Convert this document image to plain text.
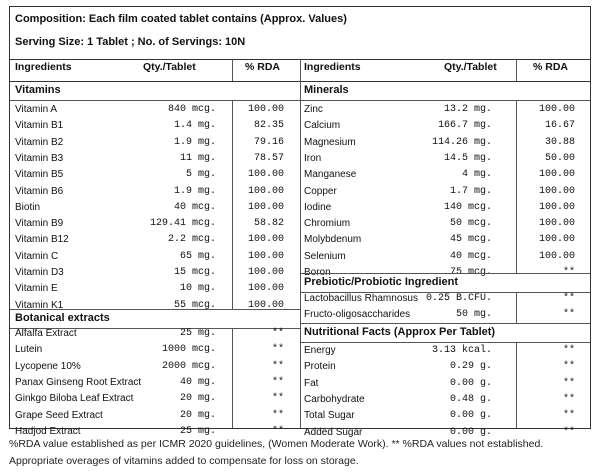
Composition: Each film coated tablet contains (Approx. Values)
Serving Size: 1 Tablet ; No. of Servings: 10N
Ingredients	Qty./Tablet	% RDA Ingredients	Qty./Tablet	% RDA
Vitamins
Vitamin A	840 mcg.	100.00
Vitamin B1	1.4 mg.	82.35
Vitamin B2	1.9 mg.	79.16
Vitamin B3	11 mg.	78.57
Vitamin B5	5 mg.	100.00
Vitamin B6	1.9 mg.	100.00
Biotin	40 mcg.	100.00
Vitamin B9	129.41 mcg.	58.82
Vitamin B12	2.2 mcg.	100.00
Vitamin C	65 mg.	100.00
Vitamin D3	15 mcg.	100.00
Vitamin E	10 mg.	100.00
Vitamin K1	55 mcg.	100.00
Botanical extracts
Alfalfa Extract	25 mg.	**
Lutein	1000 mcg.	**
Lycopene 10%	2000 mcg.	**
Panax Ginseng Root Extract	40 mg.	**
Ginkgo Biloba Leaf Extract	20 mg.	**
Grape Seed Extract	20 mg.	**
Hadjod Extract	25 mg.	**
Minerals
Zinc	13.2 mg.	100.00
Calcium	166.7 mg.	16.67
Magnesium	114.26 mg.	30.88
Iron	14.5 mg.	50.00
Manganese	4 mg.	100.00
Copper	1.7 mg.	100.00
Iodine	140 mcg.	100.00
Chromium	50 mcg.	100.00
Molybdenum	45 mcg.	100.00
Selenium	40 mcg.	100.00
Boron	75 mcg.	**
Prebiotic/Probiotic Ingredient
Lactobacillus Rhamnosus 0.25 B.CFU.	**
Fructo-oligosaccharides	50 mg.	**
Nutritional Facts (Approx Per Tablet)
Energy	3.13 kcal.	**
Protein	0.29 g.	**
Fat	0.00 g.	**
Carbohydrate	0.48 g.	**
Total Sugar	0.00 g.	**
Added Sugar	0.00 g.	**
%RDA value established as per ICMR 2020 guidelines, (Women Moderate Work). ** %RDA values not established.
Appropriate overages of vitamins added to compensate for loss on storage.
